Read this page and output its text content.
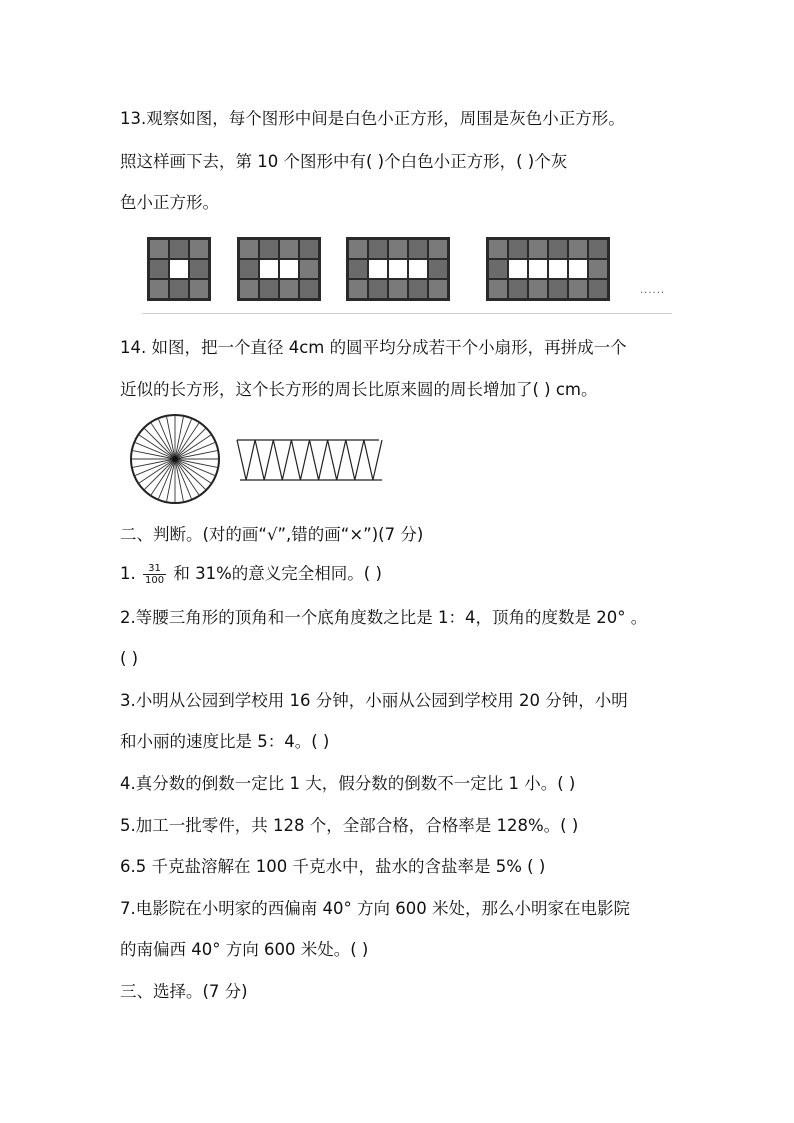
13.观察如图，每个图形中间是白色小正方形，周围是灰色小正方形。
照这样画下去，第 10 个图形中有( )个白色小正方形，( )个灰
色小正方形。
......
14. 如图，把一个直径 4cm 的圆平均分成若干个小扇形，再拼成一个
近似的长方形，这个长方形的周长比原来圆的周长增加了( ) cm。
二、判断。(对的画“√”,错的画“×”)(7 分)
1. $\frac{31}{100}$ 和 31%的意义完全相同。( )
2.等腰三角形的顶角和一个底角度数之比是 1：4，顶角的度数是 20° 。
( )
3.小明从公园到学校用 16 分钟，小丽从公园到学校用 20 分钟，小明
和小丽的速度比是 5：4。( )
4.真分数的倒数一定比 1 大，假分数的倒数不一定比 1 小。( )
5.加工一批零件，共 128 个，全部合格，合格率是 128%。( )
6.5 千克盐溶解在 100 千克水中，盐水的含盐率是 5% ( )
7.电影院在小明家的西偏南 40° 方向 600 米处，那么小明家在电影院
的南偏西 40° 方向 600 米处。( )
三、选择。(7 分)
